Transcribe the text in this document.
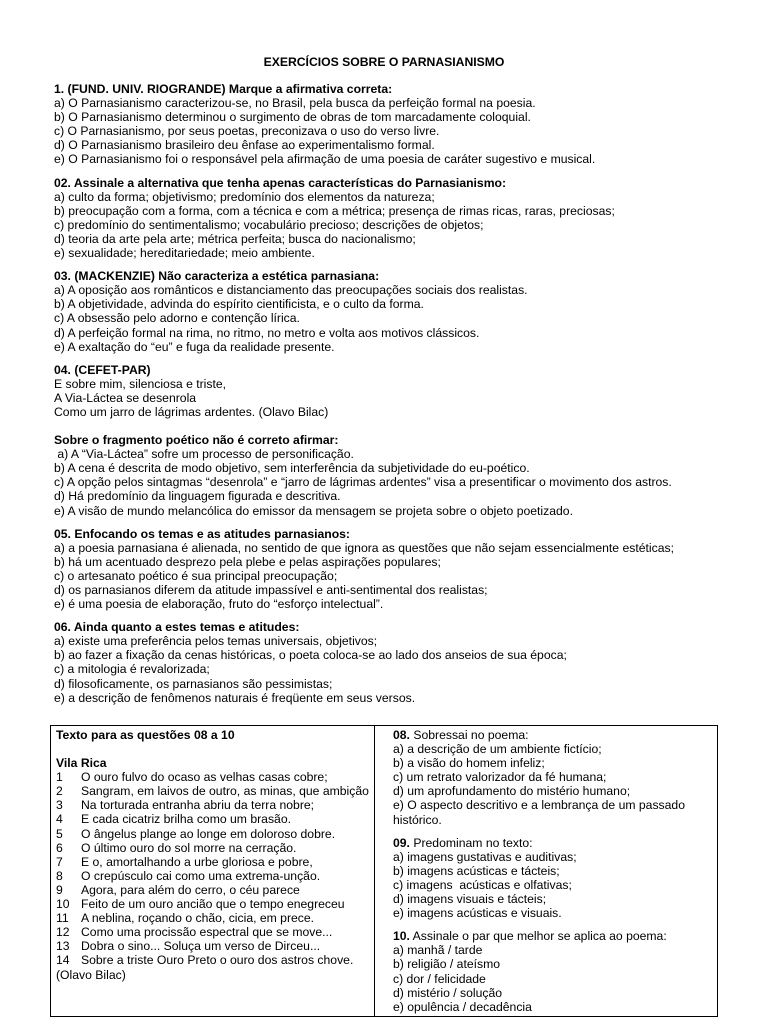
EXERCÍCIOS SOBRE O PARNASIANISMO
1. (FUND. UNIV. RIOGRANDE) Marque a afirmativa correta:
a) O Parnasianismo caracterizou-se, no Brasil, pela busca da perfeição formal na poesia.
b) O Parnasianismo determinou o surgimento de obras de tom marcadamente coloquial.
c) O Parnasianismo, por seus poetas, preconizava o uso do verso livre.
d) O Parnasianismo brasileiro deu ênfase ao experimentalismo formal.
e) O Parnasianismo foi o responsável pela afirmação de uma poesia de caráter sugestivo e musical.
02. Assinale a alternativa que tenha apenas características do Parnasianismo:
a) culto da forma; objetivismo; predomínio dos elementos da natureza;
b) preocupação com a forma, com a técnica e com a métrica; presença de rimas ricas, raras, preciosas;
c) predomínio do sentimentalismo; vocabulário precioso; descrições de objetos;
d) teoria da arte pela arte; métrica perfeita; busca do nacionalismo;
e) sexualidade; hereditariedade; meio ambiente.
03. (MACKENZIE) Não caracteriza a estética parnasiana:
a) A oposição aos românticos e distanciamento das preocupações sociais dos realistas.
b) A objetividade, advinda do espírito cientificista, e o culto da forma.
c) A obsessão pelo adorno e contenção lírica.
d) A perfeição formal na rima, no ritmo, no metro e volta aos motivos clássicos.
e) A exaltação do “eu” e fuga da realidade presente.
04. (CEFET-PAR)
E sobre mim, silenciosa e triste,
A Via-Láctea se desenrola
Como um jarro de lágrimas ardentes. (Olavo Bilac)
Sobre o fragmento poético não é correto afirmar:
a) A “Via-Láctea” sofre um processo de personificação.
b) A cena é descrita de modo objetivo, sem interferência da subjetividade do eu-poético.
c) A opção pelos sintagmas “desenrola” e “jarro de lágrimas ardentes” visa a presentificar o movimento dos astros.
d) Há predomínio da linguagem figurada e descritiva.
e) A visão de mundo melancólica do emissor da mensagem se projeta sobre o objeto poetizado.
05. Enfocando os temas e as atitudes parnasianos:
a) a poesia parnasiana é alienada, no sentido de que ignora as questões que não sejam essencialmente estéticas;
b) há um acentuado desprezo pela plebe e pelas aspirações populares;
c) o artesanato poético é sua principal preocupação;
d) os parnasianos diferem da atitude impassível e anti-sentimental dos realistas;
e) é uma poesia de elaboração, fruto do “esforço intelectual”.
06. Ainda quanto a estes temas e atitudes:
a) existe uma preferência pelos temas universais, objetivos;
b) ao fazer a fixação da cenas históricas, o poeta coloca-se ao lado dos anseios de sua época;
c) a mitologia é revalorizada;
d) filosoficamente, os parnasianos são pessimistas;
e) a descrição de fenômenos naturais é freqüente em seus versos.
Texto para as questões 08 a 10
Vila Rica
1	O ouro fulvo do ocaso as velhas casas cobre;
2	Sangram, em laivos de outro, as minas, que ambição
3	Na torturada entranha abriu da terra nobre;
4	E cada cicatriz brilha como um brasão.
5	O ângelus plange ao longe em doloroso dobre.
6	O último ouro do sol morre na cerração.
7	E o, amortalhando a urbe gloriosa e pobre,
8	O crepúsculo cai como uma extrema-unção.
9	Agora, para além do cerro, o céu parece
10 Feito de um ouro ancião que o tempo enegreceu
11	A neblina, roçando o chão, cicia, em prece.
12 Como uma procissão espectral que se move...
13 Dobra o sino... Soluça um verso de Dirceu...
14 Sobre a triste Ouro Preto o ouro dos astros chove.
(Olavo Bilac)
08. Sobressai no poema:
a) a descrição de um ambiente fictício;
b) a visão do homem infeliz;
c) um retrato valorizador da fé humana;
d) um aprofundamento do mistério humano;
e) O aspecto descritivo e a lembrança de um passado histórico.
09. Predominam no texto:
a) imagens gustativas e auditivas;
b) imagens acústicas e tácteis;
c) imagens  acústicas e olfativas;
d) imagens visuais e tácteis;
e) imagens acústicas e visuais.
10. Assinale o par que melhor se aplica ao poema:
a) manhã / tarde
b) religião / ateísmo
c) dor / felicidade
d) mistério / solução
e) opulência / decadência
